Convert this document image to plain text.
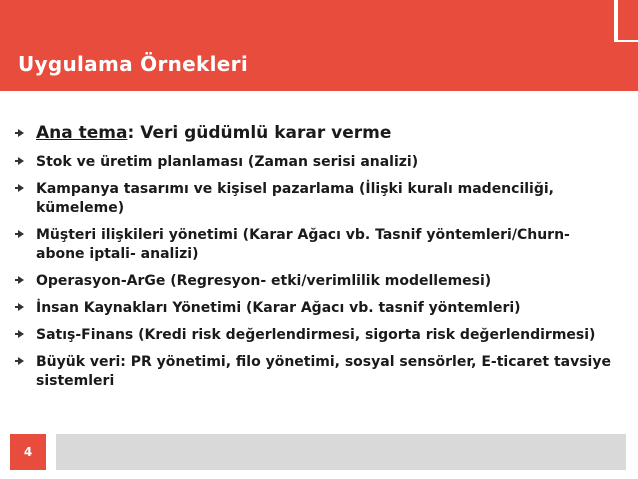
Uygulama Örnekleri
Ana tema: Veri güdümlü karar verme
Stok ve üretim planlaması (Zaman serisi analizi)
Kampanya tasarımı ve kişisel pazarlama (İlişki kuralı madenciliği, kümeleme)
Müşteri ilişkileri yönetimi (Karar Ağacı vb. Tasnif yöntemleri/Churn-abone iptali- analizi)
Operasyon-ArGe (Regresyon- etki/verimlilik modellemesi)
İnsan Kaynakları Yönetimi (Karar Ağacı vb. tasnif yöntemleri)
Satış-Finans (Kredi risk değerlendirmesi, sigorta risk değerlendirmesi)
Büyük veri: PR yönetimi, filo yönetimi, sosyal sensörler, E-ticaret tavsiye sistemleri
4
